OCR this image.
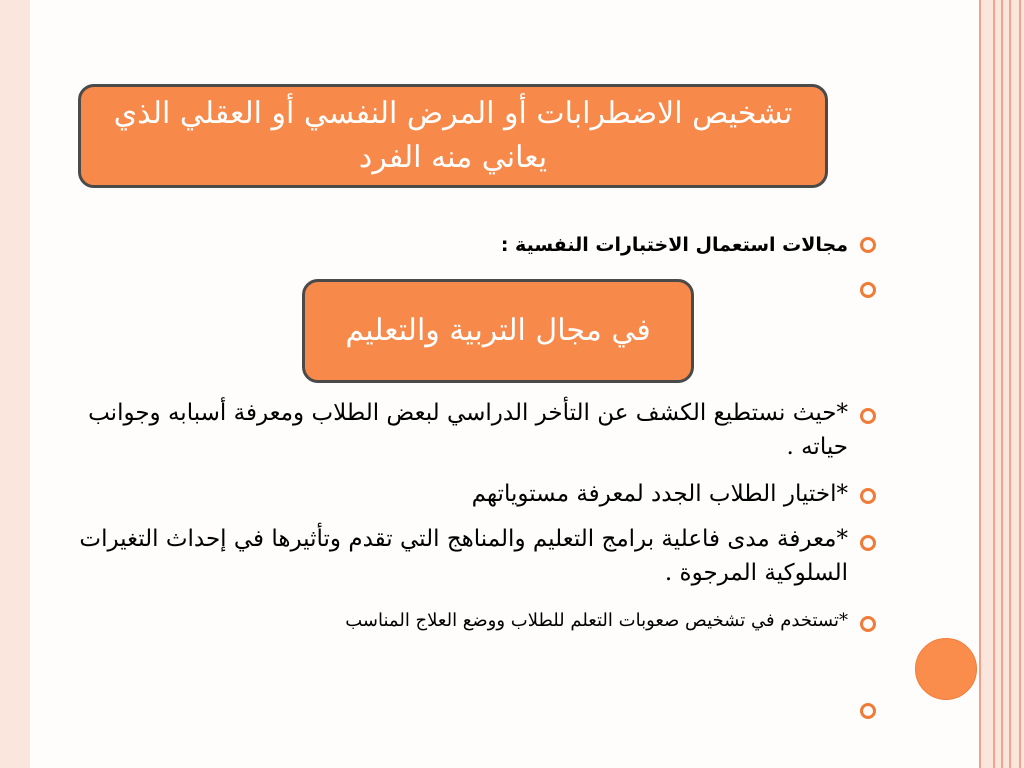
تشخيص الاضطرابات أو المرض النفسي أو العقلي الذي يعاني منه الفرد
مجالات استعمال الاختبارات النفسية :
في مجال التربية والتعليم
*حيث نستطيع الكشف عن التأخر الدراسي لبعض الطلاب ومعرفة أسبابه وجوانب حياته .
*اختيار الطلاب الجدد لمعرفة مستوياتهم
*معرفة مدى فاعلية برامج التعليم والمناهج التي تقدم وتأثيرها في إحداث التغيرات السلوكية المرجوة .
*تستخدم في تشخيص صعوبات التعلم للطلاب ووضع العلاج المناسب
